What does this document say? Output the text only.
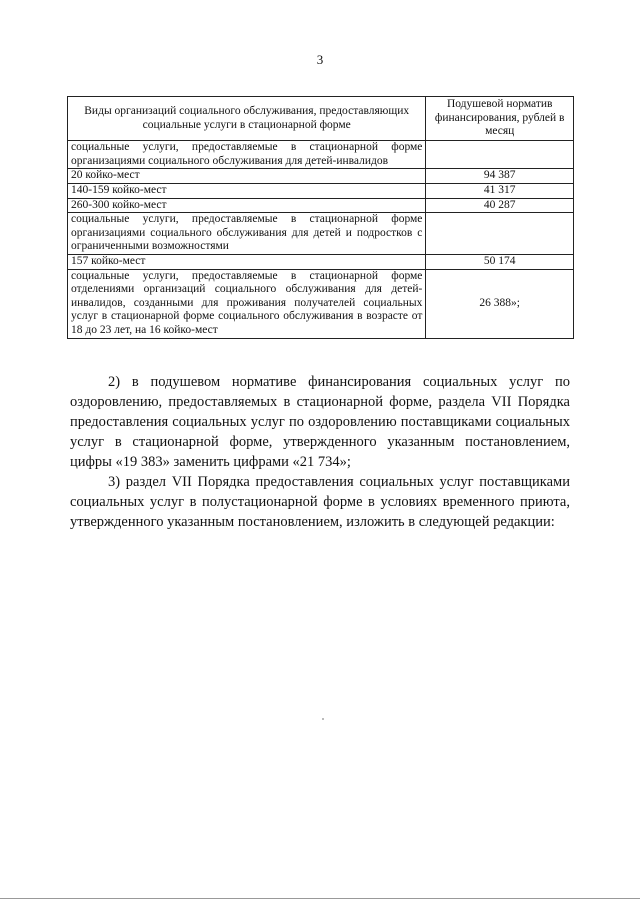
3
Виды организаций социального обслуживания, предоставляющих социальные услуги в стационарной форме	Подушевой норматив финансирования, рублей в месяц
социальные услуги, предоставляемые в стационарной форме организациями социального обслуживания для детей-инвалидов	
20 койко-мест	94 387
140-159 койко-мест	41 317
260-300 койко-мест	40 287
социальные услуги, предоставляемые в стационарной форме организациями социального обслуживания для детей и подростков с ограниченными возможностями	
157 койко-мест	50 174
социальные услуги, предоставляемые в стационарной форме отделениями организаций социального обслуживания для детей-инвалидов, созданными для проживания получателей социальных услуг в стационарной форме социального обслуживания в возрасте от 18 до 23 лет, на 16 койко-мест	26 388»;

2) в подушевом нормативе финансирования социальных услуг по оздоровлению, предоставляемых в стационарной форме, раздела VII Порядка предоставления социальных услуг по оздоровлению поставщиками социальных услуг в стационарной форме, утвержденного указанным постановлением, цифры «19 383» заменить цифрами «21 734»;

3) раздел VII Порядка предоставления социальных услуг поставщиками социальных услуг в полустационарной форме в условиях временного приюта, утвержденного указанным постановлением, изложить в следующей редакции:
